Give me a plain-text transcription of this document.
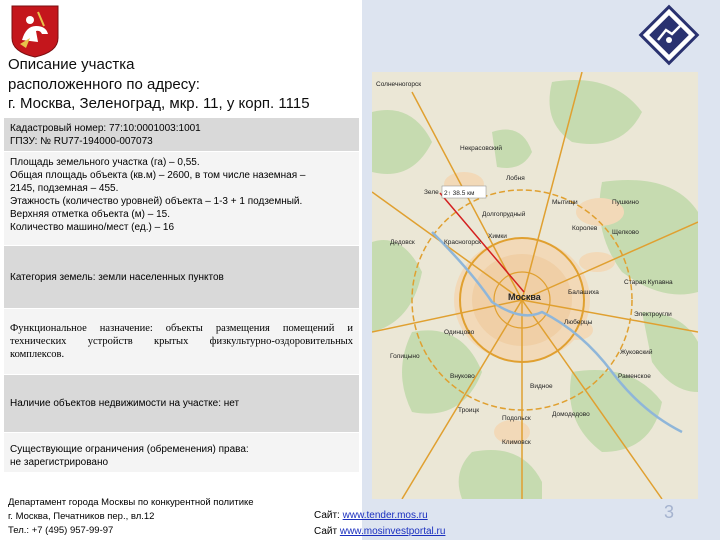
Описание участка
расположенного по адресу:
г. Москва, Зеленоград, мкр. 11, у корп. 1115
Кадастровый номер: 77:10:0001003:1001
ГПЗУ: № RU77-194000-007073
Площадь земельного участка (га) – 0,55.
Общая площадь объекта (кв.м) – 2600, в том числе наземная –
2145, подземная – 455.
Этажность (количество уровней) объекта – 1-3 + 1 подземный.
Верхняя отметка объекта (м) – 15.
Количество машино/мест (ед.) – 16
Категория земель: земли населенных пунктов
Функциональное назначение: объекты размещения помещений и технических устройств крытых физкультурно-оздоровительных комплексов.
Наличие объектов недвижимости на участке: нет
Существующие ограничения (обременения) права:
не зарегистрировано
2↑ 38.5 км
Солнечногорск
Некрасовский
Лобня
Зеле
Долгопрудный
Пушкино
Мытищи
Королев
Щелково
Химки
Дедовск	Красногорск
Москва	Балашиха
Старая Купавна
Электроугли
Одинцово
Люберцы
Голицыно
Внуково
Видное
Раменское
Жуковский
Троицк
Домодедово
Подольск
Климовск
Департамент города Москвы по конкурентной политике
г. Москва, Печатников пер., вл.12
Тел.: +7 (495) 957-99-97
Сайт: www.tender.mos.ru
Сайт www.mosinvestportal.ru
3
